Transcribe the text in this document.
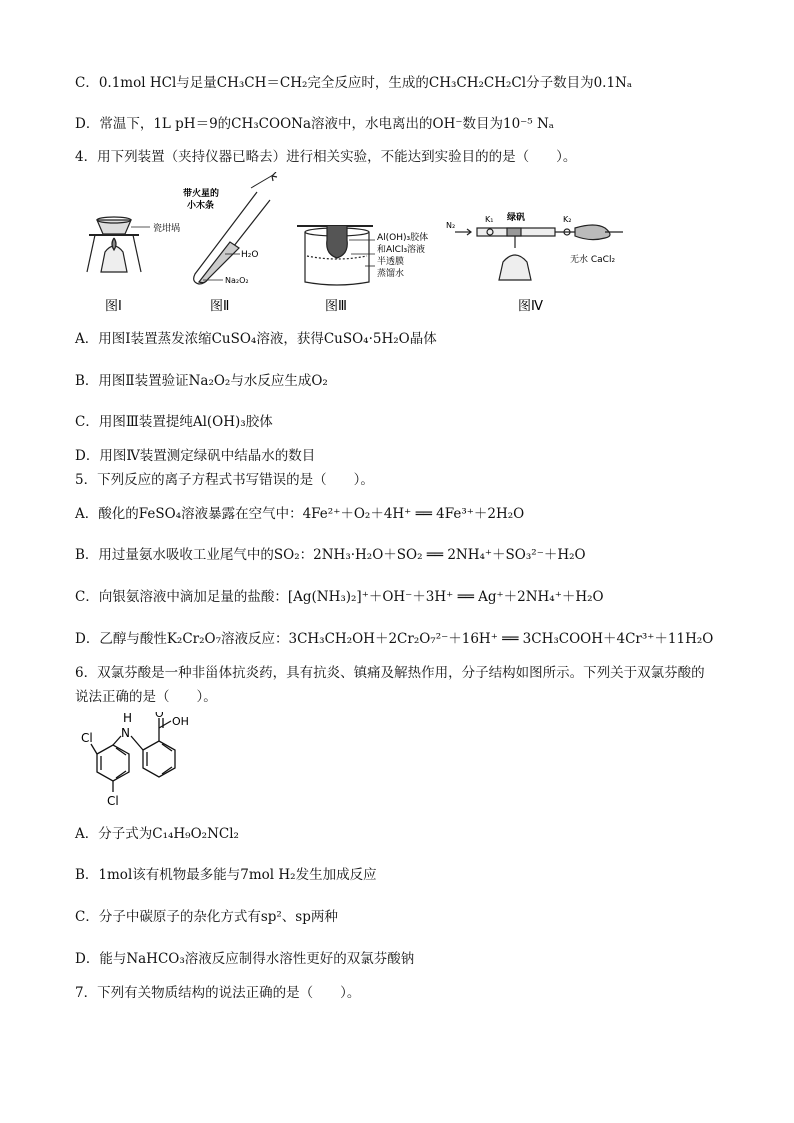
C．0.1mol HCl与足量CH₃CH＝CH₂完全反应时，生成的CH₃CH₂CH₂Cl分子数目为0.1Nₐ
D．常温下，1L pH＝9的CH₃COONa溶液中，水电离出的OH⁻数目为10⁻⁵ Nₐ
4．用下列装置（夹持仪器已略去）进行相关实验，不能达到实验目的的是（　　）。
瓷坩埚
图Ⅰ
带火星的
小木条
H₂O
Na₂O₂
图Ⅱ
Al(OH)₃胶体
和AlCl₃溶液
半透膜
蒸馏水
图Ⅲ
N₂
K₁ 绿矾	K₂
无水 CaCl₂
图Ⅳ
A．用图Ⅰ装置蒸发浓缩CuSO₄溶液，获得CuSO₄·5H₂O晶体
B．用图Ⅱ装置验证Na₂O₂与水反应生成O₂
C．用图Ⅲ装置提纯Al(OH)₃胶体
D．用图Ⅳ装置测定绿矾中结晶水的数目
5．下列反应的离子方程式书写错误的是（　　）。
A．酸化的FeSO₄溶液暴露在空气中：4Fe²⁺＋O₂＋4H⁺ ══ 4Fe³⁺＋2H₂O
B．用过量氨水吸收工业尾气中的SO₂：2NH₃·H₂O＋SO₂ ══ 2NH₄⁺＋SO₃²⁻＋H₂O
C．向银氨溶液中滴加足量的盐酸：[Ag(NH₃)₂]⁺＋OH⁻＋3H⁺ ══ Ag⁺＋2NH₄⁺＋H₂O
D．乙醇与酸性K₂Cr₂O₇溶液反应：3CH₃CH₂OH＋2Cr₂O₇²⁻＋16H⁺ ══ 3CH₃COOH＋4Cr³⁺＋11H₂O
6．双氯芬酸是一种非甾体抗炎药，具有抗炎、镇痛及解热作用，分子结构如图所示。下列关于双氯芬酸的
说法正确的是（　　）。
Cl
H
N
O
OH
Cl
A．分子式为C₁₄H₉O₂NCl₂
B．1mol该有机物最多能与7mol H₂发生加成反应
C．分子中碳原子的杂化方式有sp²、sp两种
D．能与NaHCO₃溶液反应制得水溶性更好的双氯芬酸钠
7．下列有关物质结构的说法正确的是（　　）。
